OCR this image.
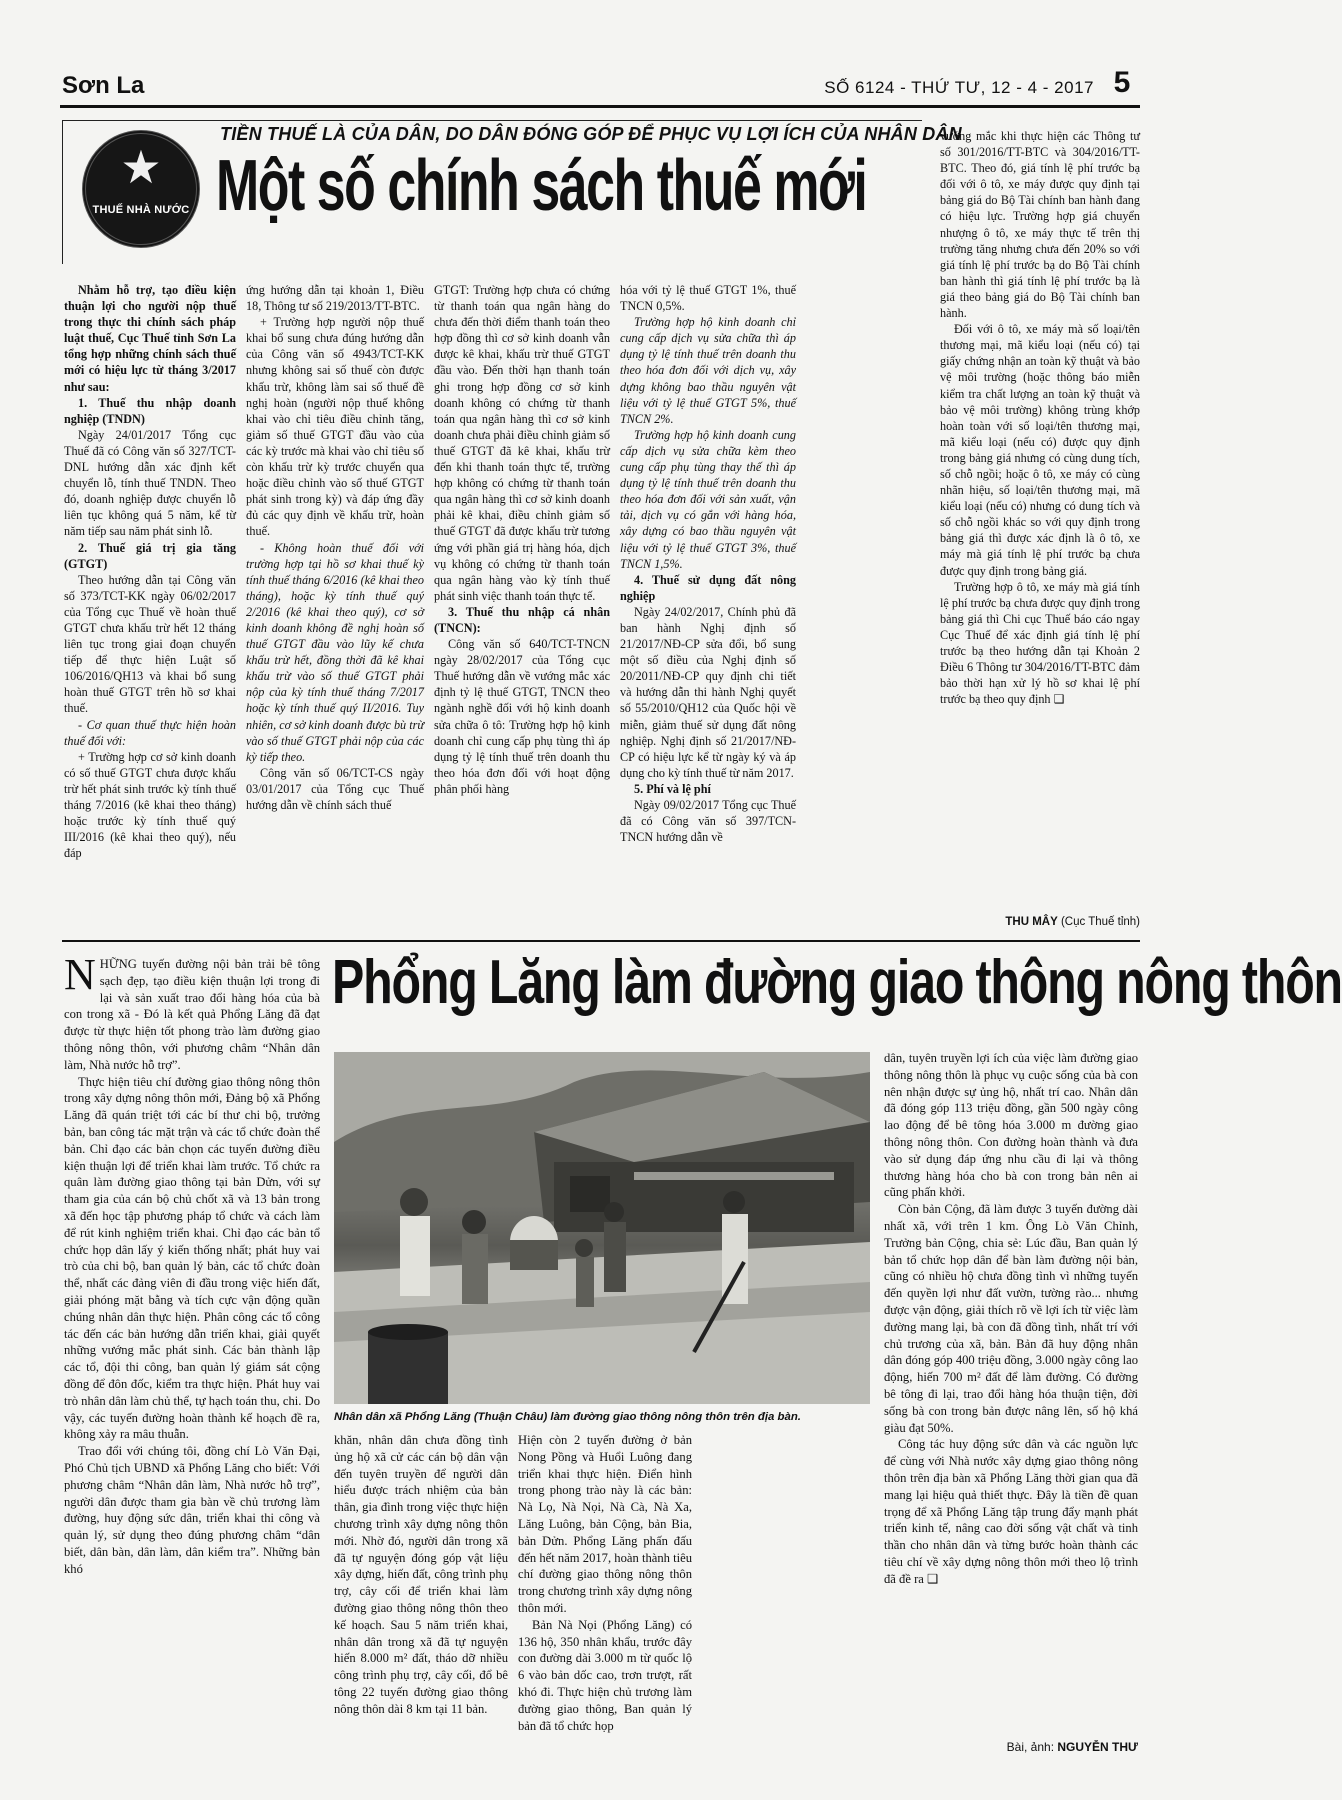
Sơn La	SỐ 6124 - THỨ TƯ, 12 - 4 - 2017 5
★
THUẾ NHÀ NƯỚC
TIỀN THUẾ LÀ CỦA DÂN, DO DÂN ĐÓNG GÓP ĐỂ PHỤC VỤ LỢI ÍCH CỦA NHÂN DÂN
Một số chính sách thuế mới

Nhằm hỗ trợ, tạo điều kiện thuận lợi cho người nộp thuế trong thực thi chính sách pháp luật thuế, Cục Thuế tỉnh Sơn La tổng hợp những chính sách thuế mới có hiệu lực từ tháng 3/2017 như sau:

1. Thuế thu nhập doanh nghiệp (TNDN)

Ngày 24/01/2017 Tổng cục Thuế đã có Công văn số 327/TCT-DNL hướng dẫn xác định kết chuyển lỗ, tính thuế TNDN. Theo đó, doanh nghiệp được chuyển lỗ liên tục không quá 5 năm, kể từ năm tiếp sau năm phát sinh lỗ.

2. Thuế giá trị gia tăng (GTGT)

Theo hướng dẫn tại Công văn số 373/TCT-KK ngày 06/02/2017 của Tổng cục Thuế về hoàn thuế GTGT chưa khấu trừ hết 12 tháng liên tục trong giai đoạn chuyển tiếp để thực hiện Luật số 106/2016/QH13 và khai bổ sung hoàn thuế GTGT trên hồ sơ khai thuế.

- Cơ quan thuế thực hiện hoàn thuế đối với:

+ Trường hợp cơ sở kinh doanh có số thuế GTGT chưa được khấu trừ hết phát sinh trước kỳ tính thuế tháng 7/2016 (kê khai theo tháng) hoặc trước kỳ tính thuế quý III/2016 (kê khai theo quý), nếu đáp

ứng hướng dẫn tại khoản 1, Điều 18, Thông tư số 219/2013/TT-BTC.

+ Trường hợp người nộp thuế khai bổ sung chưa đúng hướng dẫn của Công văn số 4943/TCT-KK nhưng không sai số thuế còn được khấu trừ, không làm sai số thuế đề nghị hoàn (người nộp thuế không khai vào chỉ tiêu điều chỉnh tăng, giảm số thuế GTGT đầu vào của các kỳ trước mà khai vào chỉ tiêu số còn khấu trừ kỳ trước chuyển qua hoặc điều chỉnh vào số thuế GTGT phát sinh trong kỳ) và đáp ứng đầy đủ các quy định về khấu trừ, hoàn thuế.

- Không hoàn thuế đối với trường hợp tại hồ sơ khai thuế kỳ tính thuế tháng 6/2016 (kê khai theo tháng), hoặc kỳ tính thuế quý 2/2016 (kê khai theo quý), cơ sở kinh doanh không đề nghị hoàn số thuế GTGT đầu vào lũy kế chưa khấu trừ hết, đồng thời đã kê khai khấu trừ vào số thuế GTGT phải nộp của kỳ tính thuế tháng 7/2017 hoặc kỳ tính thuế quý II/2016. Tuy nhiên, cơ sở kinh doanh được bù trừ vào số thuế GTGT phải nộp của các kỳ tiếp theo.

Công văn số 06/TCT-CS ngày 03/01/2017 của Tổng cục Thuế hướng dẫn về chính sách thuế

GTGT: Trường hợp chưa có chứng từ thanh toán qua ngân hàng do chưa đến thời điểm thanh toán theo hợp đồng thì cơ sở kinh doanh vẫn được kê khai, khấu trừ thuế GTGT đầu vào. Đến thời hạn thanh toán ghi trong hợp đồng cơ sở kinh doanh không có chứng từ thanh toán qua ngân hàng thì cơ sở kinh doanh chưa phải điều chỉnh giảm số thuế GTGT đã kê khai, khấu trừ đến khi thanh toán thực tế, trường hợp không có chứng từ thanh toán qua ngân hàng thì cơ sở kinh doanh phải kê khai, điều chỉnh giảm số thuế GTGT đã được khấu trừ tương ứng với phần giá trị hàng hóa, dịch vụ không có chứng từ thanh toán qua ngân hàng vào kỳ tính thuế phát sinh việc thanh toán thực tế.

3. Thuế thu nhập cá nhân (TNCN):

Công văn số 640/TCT-TNCN ngày 28/02/2017 của Tổng cục Thuế hướng dẫn về vướng mắc xác định tỷ lệ thuế GTGT, TNCN theo ngành nghề đối với hộ kinh doanh sửa chữa ô tô: Trường hợp hộ kinh doanh chỉ cung cấp phụ tùng thì áp dụng tỷ lệ tính thuế trên doanh thu theo hóa đơn đối với hoạt động phân phối hàng

hóa với tỷ lệ thuế GTGT 1%, thuế TNCN 0,5%.

Trường hợp hộ kinh doanh chỉ cung cấp dịch vụ sửa chữa thì áp dụng tỷ lệ tính thuế trên doanh thu theo hóa đơn đối với dịch vụ, xây dựng không bao thầu nguyên vật liệu với tỷ lệ thuế GTGT 5%, thuế TNCN 2%.

Trường hợp hộ kinh doanh cung cấp dịch vụ sửa chữa kèm theo cung cấp phụ tùng thay thế thì áp dụng tỷ lệ tính thuế trên doanh thu theo hóa đơn đối với sản xuất, vận tải, dịch vụ có gắn với hàng hóa, xây dựng có bao thầu nguyên vật liệu với tỷ lệ thuế GTGT 3%, thuế TNCN 1,5%.

4. Thuế sử dụng đất nông nghiệp

Ngày 24/02/2017, Chính phủ đã ban hành Nghị định số 21/2017/NĐ-CP sửa đổi, bổ sung một số điều của Nghị định số 20/2011/NĐ-CP quy định chi tiết và hướng dẫn thi hành Nghị quyết số 55/2010/QH12 của Quốc hội về miễn, giảm thuế sử dụng đất nông nghiệp. Nghị định số 21/2017/NĐ-CP có hiệu lực kể từ ngày ký và áp dụng cho kỳ tính thuế từ năm 2017.

5. Phí và lệ phí

Ngày 09/02/2017 Tổng cục Thuế đã có Công văn số 397/TCN-TNCN hướng dẫn về

vướng mắc khi thực hiện các Thông tư số 301/2016/TT-BTC và 304/2016/TT-BTC. Theo đó, giá tính lệ phí trước bạ đối với ô tô, xe máy được quy định tại bảng giá do Bộ Tài chính ban hành đang có hiệu lực. Trường hợp giá chuyển nhượng ô tô, xe máy thực tế trên thị trường tăng nhưng chưa đến 20% so với giá tính lệ phí trước bạ do Bộ Tài chính ban hành thì giá tính lệ phí trước bạ là giá theo bảng giá do Bộ Tài chính ban hành.

Đối với ô tô, xe máy mà số loại/tên thương mại, mã kiểu loại (nếu có) tại giấy chứng nhận an toàn kỹ thuật và bảo vệ môi trường (hoặc thông báo miễn kiểm tra chất lượng an toàn kỹ thuật và bảo vệ môi trường) không trùng khớp hoàn toàn với số loại/tên thương mại, mã kiểu loại (nếu có) được quy định trong bảng giá nhưng có cùng dung tích, số chỗ ngồi; hoặc ô tô, xe máy có cùng nhãn hiệu, số loại/tên thương mại, mã kiểu loại (nếu có) nhưng có dung tích và số chỗ ngồi khác so với quy định trong bảng giá thì được xác định là ô tô, xe máy mà giá tính lệ phí trước bạ chưa được quy định trong bảng giá.

Trường hợp ô tô, xe máy mà giá tính lệ phí trước bạ chưa được quy định trong bảng giá thì Chi cục Thuế báo cáo ngay Cục Thuế để xác định giá tính lệ phí trước bạ theo hướng dẫn tại Khoản 2 Điều 6 Thông tư 304/2016/TT-BTC đảm bảo thời hạn xử lý hồ sơ khai lệ phí trước bạ theo quy định ❑

THU MÂY (Cục Thuế tỉnh)

NHỮNG tuyến đường nội bản trải bê tông sạch đẹp, tạo điều kiện thuận lợi trong đi lại và sản xuất trao đổi hàng hóa của bà con trong xã - Đó là kết quả Phổng Lăng đã đạt được từ thực hiện tốt phong trào làm đường giao thông nông thôn, với phương châm “Nhân dân làm, Nhà nước hỗ trợ”.

Thực hiện tiêu chí đường giao thông nông thôn trong xây dựng nông thôn mới, Đảng bộ xã Phổng Lăng đã quán triệt tới các bí thư chi bộ, trưởng bản, ban công tác mặt trận và các tổ chức đoàn thể bản. Chỉ đạo các bản chọn các tuyến đường điều kiện thuận lợi để triển khai làm trước. Tổ chức ra quân làm đường giao thông tại bản Dửn, với sự tham gia của cán bộ chủ chốt xã và 13 bản trong xã đến học tập phương pháp tổ chức và cách làm để rút kinh nghiệm triển khai. Chỉ đạo các bản tổ chức họp dân lấy ý kiến thống nhất; phát huy vai trò của chi bộ, ban quản lý bản, các tổ chức đoàn thể, nhất các đảng viên đi đầu trong việc hiến đất, giải phóng mặt bằng và tích cực vận động quần chúng nhân dân thực hiện. Phân công các tổ công tác đến các bản hướng dẫn triển khai, giải quyết những vướng mắc phát sinh. Các bản thành lập các tổ, đội thi công, ban quản lý giám sát cộng đồng để đôn đốc, kiểm tra thực hiện. Phát huy vai trò nhân dân làm chủ thể, tự hạch toán thu, chi. Do vậy, các tuyến đường hoàn thành kế hoạch đề ra, không xảy ra mâu thuẫn.

Trao đổi với chúng tôi, đồng chí Lò Văn Đại, Phó Chủ tịch UBND xã Phổng Lăng cho biết: Với phương châm “Nhân dân làm, Nhà nước hỗ trợ”, người dân được tham gia bàn về chủ trương làm đường, huy động sức dân, triển khai thi công và quản lý, sử dụng theo đúng phương châm “dân biết, dân bàn, dân làm, dân kiểm tra”. Những bản khó

Phổng Lăng làm đường giao thông nông thôn
Nhân dân xã Phổng Lăng (Thuận Châu) làm đường giao thông nông thôn trên địa bàn.

khăn, nhân dân chưa đồng tình ủng hộ xã cử các cán bộ dân vận đến tuyên truyền để người dân hiểu được trách nhiệm của bản thân, gia đình trong việc thực hiện chương trình xây dựng nông thôn mới. Nhờ đó, người dân trong xã đã tự nguyện đóng góp vật liệu xây dựng, hiến đất, công trình phụ trợ, cây cối để triển khai làm đường giao thông nông thôn theo kế hoạch. Sau 5 năm triển khai, nhân dân trong xã đã tự nguyện hiến 8.000 m² đất, tháo dỡ nhiều công trình phụ trợ, cây cối, đổ bê tông 22 tuyến đường giao thông nông thôn dài 8 km tại 11 bản.

Hiện còn 2 tuyến đường ở bản Nong Pồng và Huổi Luông đang triển khai thực hiện. Điển hình trong phong trào này là các bản: Nà Lọ, Nà Nọi, Nà Cà, Nà Xa, Lăng Luông, bản Cộng, bản Bia, bản Dửn. Phổng Lăng phấn đấu đến hết năm 2017, hoàn thành tiêu chí đường giao thông nông thôn trong chương trình xây dựng nông thôn mới.

Bản Nà Nọi (Phổng Lăng) có 136 hộ, 350 nhân khẩu, trước đây con đường dài 3.000 m từ quốc lộ 6 vào bản dốc cao, trơn trượt, rất khó đi. Thực hiện chủ trương làm đường giao thông, Ban quản lý bản đã tổ chức họp

dân, tuyên truyền lợi ích của việc làm đường giao thông nông thôn là phục vụ cuộc sống của bà con nên nhận được sự ủng hộ, nhất trí cao. Nhân dân đã đóng góp 113 triệu đồng, gần 500 ngày công lao động để bê tông hóa 3.000 m đường giao thông nông thôn. Con đường hoàn thành và đưa vào sử dụng đáp ứng nhu cầu đi lại và thông thương hàng hóa cho bà con trong bản nên ai cũng phấn khởi.

Còn bản Cộng, đã làm được 3 tuyến đường dài nhất xã, với trên 1 km. Ông Lò Văn Chỉnh, Trưởng bản Cộng, chia sẻ: Lúc đầu, Ban quản lý bản tổ chức họp dân để bàn làm đường nội bản, cũng có nhiều hộ chưa đồng tình vì những tuyến đến quyền lợi như đất vườn, tường rào... nhưng được vận động, giải thích rõ về lợi ích từ việc làm đường mang lại, bà con đã đồng tình, nhất trí với chủ trương của xã, bản. Bản đã huy động nhân dân đóng góp 400 triệu đồng, 3.000 ngày công lao động, hiến 700 m² đất để làm đường. Có đường bê tông đi lại, trao đổi hàng hóa thuận tiện, đời sống bà con trong bản được nâng lên, số hộ khá giàu đạt 50%.

Công tác huy động sức dân và các nguồn lực để cùng với Nhà nước xây dựng giao thông nông thôn trên địa bàn xã Phổng Lăng thời gian qua đã mang lại hiệu quả thiết thực. Đây là tiền đề quan trọng để xã Phổng Lăng tập trung đẩy mạnh phát triển kinh tế, nâng cao đời sống vật chất và tinh thần cho nhân dân và từng bước hoàn thành các tiêu chí về xây dựng nông thôn mới theo lộ trình đã đề ra ❑

Bài, ảnh: NGUYỄN THƯ
